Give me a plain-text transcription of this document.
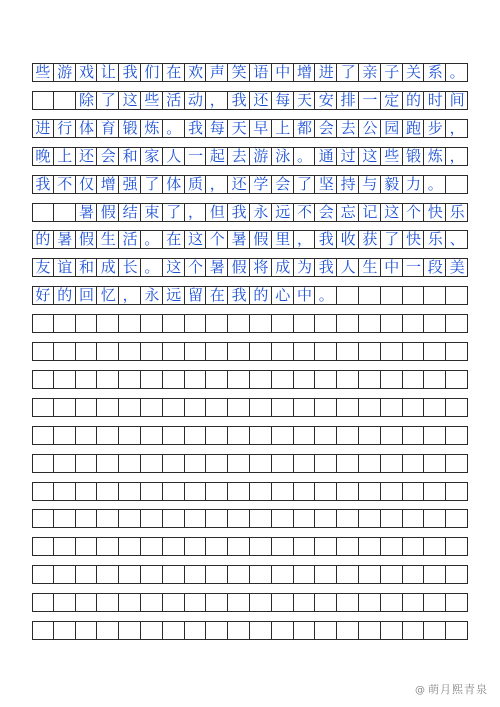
些 游 戏 让 我 们 在 欢 声 笑 语 中 增 进 了 亲 子 关 系 。
除 了 这 些 活 动 ， 我 还 每 天 安 排 一 定 的 时 间
进 行 体 育 锻 炼 。 我 每 天 早 上 都 会 去 公 园 跑 步 ，
晚 上 还 会 和 家 人 一 起 去 游 泳 。 通 过 这 些 锻 炼 ，
我 不 仅 增 强 了 体 质 ， 还 学 会 了 坚 持 与 毅 力 。
暑 假 结 束 了 ， 但 我 永 远 不 会 忘 记 这 个 快 乐
的 暑 假 生 活 。 在 这 个 暑 假 里 ， 我 收 获 了 快 乐 、
友 谊 和 成 长 。 这 个 暑 假 将 成 为 我 人 生 中 一 段 美
好 的 回 忆 ， 永 远 留 在 我 的 心 中 。
@ 萌月熙青泉
